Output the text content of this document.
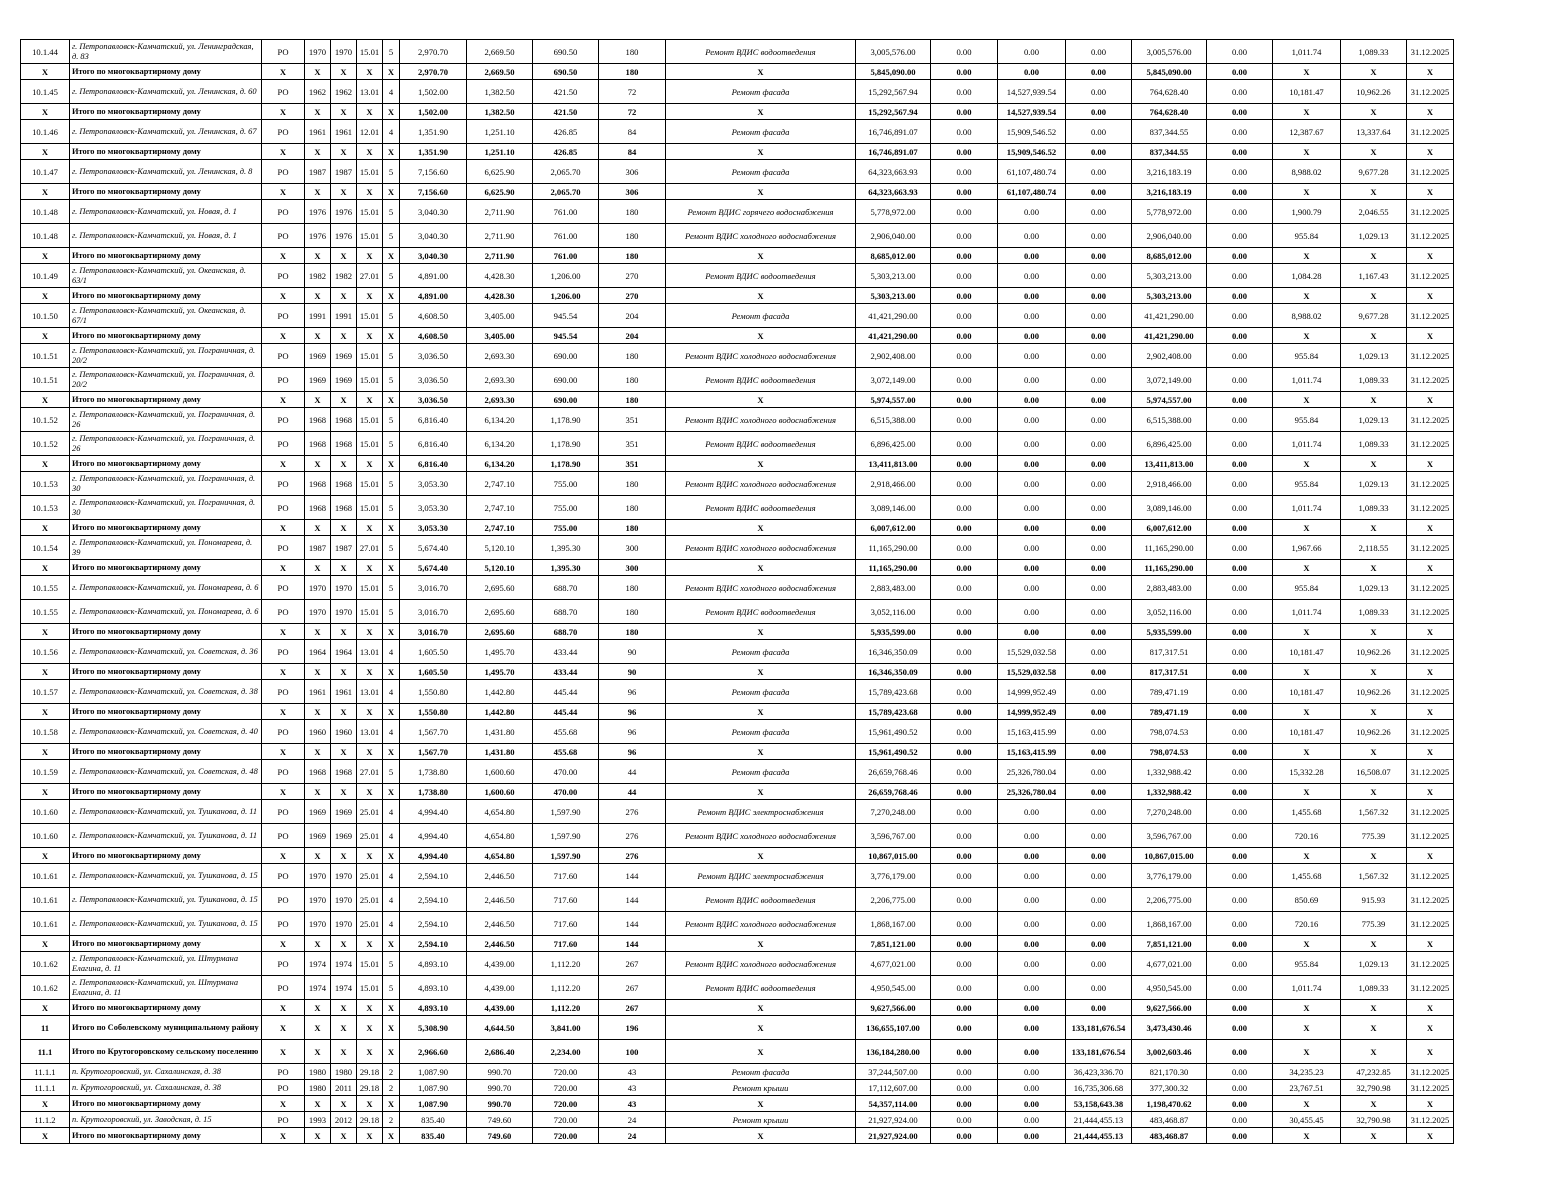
10.1.44	г. Петропавловск-Камчатский, ул. Ленинградская, д. 83	РО	1970	1970	15.01	5	2,970.70	2,669.50	690.50	180	Ремонт ВДИС водоотведения	3,005,576.00	0.00	0.00	0.00	3,005,576.00	0.00	1,011.74	1,089.33	31.12.2025
X	Итого по многоквартирному дому	X	X	X	X	X	2,970.70	2,669.50	690.50	180	X	5,845,090.00	0.00	0.00	0.00	5,845,090.00	0.00	X	X	X
10.1.45	г. Петропавловск-Камчатский, ул. Ленинская, д. 60	РО	1962	1962	13.01	4	1,502.00	1,382.50	421.50	72	Ремонт фасада	15,292,567.94	0.00	14,527,939.54	0.00	764,628.40	0.00	10,181.47	10,962.26	31.12.2025
X	Итого по многоквартирному дому	X	X	X	X	X	1,502.00	1,382.50	421.50	72	X	15,292,567.94	0.00	14,527,939.54	0.00	764,628.40	0.00	X	X	X
10.1.46	г. Петропавловск-Камчатский, ул. Ленинская, д. 67	РО	1961	1961	12.01	4	1,351.90	1,251.10	426.85	84	Ремонт фасада	16,746,891.07	0.00	15,909,546.52	0.00	837,344.55	0.00	12,387.67	13,337.64	31.12.2025
X	Итого по многоквартирному дому	X	X	X	X	X	1,351.90	1,251.10	426.85	84	X	16,746,891.07	0.00	15,909,546.52	0.00	837,344.55	0.00	X	X	X
10.1.47	г. Петропавловск-Камчатский, ул. Ленинская, д. 8	РО	1987	1987	15.01	5	7,156.60	6,625.90	2,065.70	306	Ремонт фасада	64,323,663.93	0.00	61,107,480.74	0.00	3,216,183.19	0.00	8,988.02	9,677.28	31.12.2025
X	Итого по многоквартирному дому	X	X	X	X	X	7,156.60	6,625.90	2,065.70	306	X	64,323,663.93	0.00	61,107,480.74	0.00	3,216,183.19	0.00	X	X	X
10.1.48	г. Петропавловск-Камчатский, ул. Новая, д. 1	РО	1976	1976	15.01	5	3,040.30	2,711.90	761.00	180	Ремонт ВДИС горячего водоснабжения	5,778,972.00	0.00	0.00	0.00	5,778,972.00	0.00	1,900.79	2,046.55	31.12.2025
10.1.48	г. Петропавловск-Камчатский, ул. Новая, д. 1	РО	1976	1976	15.01	5	3,040.30	2,711.90	761.00	180	Ремонт ВДИС холодного водоснабжения	2,906,040.00	0.00	0.00	0.00	2,906,040.00	0.00	955.84	1,029.13	31.12.2025
X	Итого по многоквартирному дому	X	X	X	X	X	3,040.30	2,711.90	761.00	180	X	8,685,012.00	0.00	0.00	0.00	8,685,012.00	0.00	X	X	X
10.1.49	г. Петропавловск-Камчатский, ул. Океанская, д. 63/1	РО	1982	1982	27.01	5	4,891.00	4,428.30	1,206.00	270	Ремонт ВДИС водоотведения	5,303,213.00	0.00	0.00	0.00	5,303,213.00	0.00	1,084.28	1,167.43	31.12.2025
X	Итого по многоквартирному дому	X	X	X	X	X	4,891.00	4,428.30	1,206.00	270	X	5,303,213.00	0.00	0.00	0.00	5,303,213.00	0.00	X	X	X
10.1.50	г. Петропавловск-Камчатский, ул. Океанская, д. 67/1	РО	1991	1991	15.01	5	4,608.50	3,405.00	945.54	204	Ремонт фасада	41,421,290.00	0.00	0.00	0.00	41,421,290.00	0.00	8,988.02	9,677.28	31.12.2025
X	Итого по многоквартирному дому	X	X	X	X	X	4,608.50	3,405.00	945.54	204	X	41,421,290.00	0.00	0.00	0.00	41,421,290.00	0.00	X	X	X
10.1.51	г. Петропавловск-Камчатский, ул. Пограничная, д. 20/2	РО	1969	1969	15.01	5	3,036.50	2,693.30	690.00	180	Ремонт ВДИС холодного водоснабжения	2,902,408.00	0.00	0.00	0.00	2,902,408.00	0.00	955.84	1,029.13	31.12.2025
10.1.51	г. Петропавловск-Камчатский, ул. Пограничная, д. 20/2	РО	1969	1969	15.01	5	3,036.50	2,693.30	690.00	180	Ремонт ВДИС водоотведения	3,072,149.00	0.00	0.00	0.00	3,072,149.00	0.00	1,011.74	1,089.33	31.12.2025
X	Итого по многоквартирному дому	X	X	X	X	X	3,036.50	2,693.30	690.00	180	X	5,974,557.00	0.00	0.00	0.00	5,974,557.00	0.00	X	X	X
10.1.52	г. Петропавловск-Камчатский, ул. Пограничная, д. 26	РО	1968	1968	15.01	5	6,816.40	6,134.20	1,178.90	351	Ремонт ВДИС холодного водоснабжения	6,515,388.00	0.00	0.00	0.00	6,515,388.00	0.00	955.84	1,029.13	31.12.2025
10.1.52	г. Петропавловск-Камчатский, ул. Пограничная, д. 26	РО	1968	1968	15.01	5	6,816.40	6,134.20	1,178.90	351	Ремонт ВДИС водоотведения	6,896,425.00	0.00	0.00	0.00	6,896,425.00	0.00	1,011.74	1,089.33	31.12.2025
X	Итого по многоквартирному дому	X	X	X	X	X	6,816.40	6,134.20	1,178.90	351	X	13,411,813.00	0.00	0.00	0.00	13,411,813.00	0.00	X	X	X
10.1.53	г. Петропавловск-Камчатский, ул. Пограничная, д. 30	РО	1968	1968	15.01	5	3,053.30	2,747.10	755.00	180	Ремонт ВДИС холодного водоснабжения	2,918,466.00	0.00	0.00	0.00	2,918,466.00	0.00	955.84	1,029.13	31.12.2025
10.1.53	г. Петропавловск-Камчатский, ул. Пограничная, д. 30	РО	1968	1968	15.01	5	3,053.30	2,747.10	755.00	180	Ремонт ВДИС водоотведения	3,089,146.00	0.00	0.00	0.00	3,089,146.00	0.00	1,011.74	1,089.33	31.12.2025
X	Итого по многоквартирному дому	X	X	X	X	X	3,053.30	2,747.10	755.00	180	X	6,007,612.00	0.00	0.00	0.00	6,007,612.00	0.00	X	X	X
10.1.54	г. Петропавловск-Камчатский, ул. Пономарева, д. 39	РО	1987	1987	27.01	5	5,674.40	5,120.10	1,395.30	300	Ремонт ВДИС холодного водоснабжения	11,165,290.00	0.00	0.00	0.00	11,165,290.00	0.00	1,967.66	2,118.55	31.12.2025
X	Итого по многоквартирному дому	X	X	X	X	X	5,674.40	5,120.10	1,395.30	300	X	11,165,290.00	0.00	0.00	0.00	11,165,290.00	0.00	X	X	X
10.1.55	г. Петропавловск-Камчатский, ул. Пономарева, д. 6	РО	1970	1970	15.01	5	3,016.70	2,695.60	688.70	180	Ремонт ВДИС холодного водоснабжения	2,883,483.00	0.00	0.00	0.00	2,883,483.00	0.00	955.84	1,029.13	31.12.2025
10.1.55	г. Петропавловск-Камчатский, ул. Пономарева, д. 6	РО	1970	1970	15.01	5	3,016.70	2,695.60	688.70	180	Ремонт ВДИС водоотведения	3,052,116.00	0.00	0.00	0.00	3,052,116.00	0.00	1,011.74	1,089.33	31.12.2025
X	Итого по многоквартирному дому	X	X	X	X	X	3,016.70	2,695.60	688.70	180	X	5,935,599.00	0.00	0.00	0.00	5,935,599.00	0.00	X	X	X
10.1.56	г. Петропавловск-Камчатский, ул. Советская, д. 36	РО	1964	1964	13.01	4	1,605.50	1,495.70	433.44	90	Ремонт фасада	16,346,350.09	0.00	15,529,032.58	0.00	817,317.51	0.00	10,181.47	10,962.26	31.12.2025
X	Итого по многоквартирному дому	X	X	X	X	X	1,605.50	1,495.70	433.44	90	X	16,346,350.09	0.00	15,529,032.58	0.00	817,317.51	0.00	X	X	X
10.1.57	г. Петропавловск-Камчатский, ул. Советская, д. 38	РО	1961	1961	13.01	4	1,550.80	1,442.80	445.44	96	Ремонт фасада	15,789,423.68	0.00	14,999,952.49	0.00	789,471.19	0.00	10,181.47	10,962.26	31.12.2025
X	Итого по многоквартирному дому	X	X	X	X	X	1,550.80	1,442.80	445.44	96	X	15,789,423.68	0.00	14,999,952.49	0.00	789,471.19	0.00	X	X	X
10.1.58	г. Петропавловск-Камчатский, ул. Советская, д. 40	РО	1960	1960	13.01	4	1,567.70	1,431.80	455.68	96	Ремонт фасада	15,961,490.52	0.00	15,163,415.99	0.00	798,074.53	0.00	10,181.47	10,962.26	31.12.2025
X	Итого по многоквартирному дому	X	X	X	X	X	1,567.70	1,431.80	455.68	96	X	15,961,490.52	0.00	15,163,415.99	0.00	798,074.53	0.00	X	X	X
10.1.59	г. Петропавловск-Камчатский, ул. Советская, д. 48	РО	1968	1968	27.01	5	1,738.80	1,600.60	470.00	44	Ремонт фасада	26,659,768.46	0.00	25,326,780.04	0.00	1,332,988.42	0.00	15,332.28	16,508.07	31.12.2025
X	Итого по многоквартирному дому	X	X	X	X	X	1,738.80	1,600.60	470.00	44	X	26,659,768.46	0.00	25,326,780.04	0.00	1,332,988.42	0.00	X	X	X
10.1.60	г. Петропавловск-Камчатский, ул. Тушканова, д. 11	РО	1969	1969	25.01	4	4,994.40	4,654.80	1,597.90	276	Ремонт ВДИС электроснабжения	7,270,248.00	0.00	0.00	0.00	7,270,248.00	0.00	1,455.68	1,567.32	31.12.2025
10.1.60	г. Петропавловск-Камчатский, ул. Тушканова, д. 11	РО	1969	1969	25.01	4	4,994.40	4,654.80	1,597.90	276	Ремонт ВДИС холодного водоснабжения	3,596,767.00	0.00	0.00	0.00	3,596,767.00	0.00	720.16	775.39	31.12.2025
X	Итого по многоквартирному дому	X	X	X	X	X	4,994.40	4,654.80	1,597.90	276	X	10,867,015.00	0.00	0.00	0.00	10,867,015.00	0.00	X	X	X
10.1.61	г. Петропавловск-Камчатский, ул. Тушканова, д. 15	РО	1970	1970	25.01	4	2,594.10	2,446.50	717.60	144	Ремонт ВДИС электроснабжения	3,776,179.00	0.00	0.00	0.00	3,776,179.00	0.00	1,455.68	1,567.32	31.12.2025
10.1.61	г. Петропавловск-Камчатский, ул. Тушканова, д. 15	РО	1970	1970	25.01	4	2,594.10	2,446.50	717.60	144	Ремонт ВДИС водоотведения	2,206,775.00	0.00	0.00	0.00	2,206,775.00	0.00	850.69	915.93	31.12.2025
10.1.61	г. Петропавловск-Камчатский, ул. Тушканова, д. 15	РО	1970	1970	25.01	4	2,594.10	2,446.50	717.60	144	Ремонт ВДИС холодного водоснабжения	1,868,167.00	0.00	0.00	0.00	1,868,167.00	0.00	720.16	775.39	31.12.2025
X	Итого по многоквартирному дому	X	X	X	X	X	2,594.10	2,446.50	717.60	144	X	7,851,121.00	0.00	0.00	0.00	7,851,121.00	0.00	X	X	X
10.1.62	г. Петропавловск-Камчатский, ул. Штурмана Елагина, д. 11	РО	1974	1974	15.01	5	4,893.10	4,439.00	1,112.20	267	Ремонт ВДИС холодного водоснабжения	4,677,021.00	0.00	0.00	0.00	4,677,021.00	0.00	955.84	1,029.13	31.12.2025
10.1.62	г. Петропавловск-Камчатский, ул. Штурмана Елагина, д. 11	РО	1974	1974	15.01	5	4,893.10	4,439.00	1,112.20	267	Ремонт ВДИС водоотведения	4,950,545.00	0.00	0.00	0.00	4,950,545.00	0.00	1,011.74	1,089.33	31.12.2025
X	Итого по многоквартирному дому	X	X	X	X	X	4,893.10	4,439.00	1,112.20	267	X	9,627,566.00	0.00	0.00	0.00	9,627,566.00	0.00	X	X	X
11	Итого по Соболевскому муниципальному району	X	X	X	X	X	5,308.90	4,644.50	3,841.00	196	X	136,655,107.00	0.00	0.00	133,181,676.54	3,473,430.46	0.00	X	X	X
11.1	Итого по Крутогоровскому сельскому поселению	X	X	X	X	X	2,966.60	2,686.40	2,234.00	100	X	136,184,280.00	0.00	0.00	133,181,676.54	3,002,603.46	0.00	X	X	X
11.1.1	п. Крутогоровский, ул. Сахалинская, д. 38	РО	1980	1980	29.18	2	1,087.90	990.70	720.00	43	Ремонт фасада	37,244,507.00	0.00	0.00	36,423,336.70	821,170.30	0.00	34,235.23	47,232.85	31.12.2025
11.1.1	п. Крутогоровский, ул. Сахалинская, д. 38	РО	1980	2011	29.18	2	1,087.90	990.70	720.00	43	Ремонт крыши	17,112,607.00	0.00	0.00	16,735,306.68	377,300.32	0.00	23,767.51	32,790.98	31.12.2025
X	Итого по многоквартирному дому	X	X	X	X	X	1,087.90	990.70	720.00	43	X	54,357,114.00	0.00	0.00	53,158,643.38	1,198,470.62	0.00	X	X	X
11.1.2	п. Крутогоровский, ул. Заводская, д. 15	РО	1993	2012	29.18	2	835.40	749.60	720.00	24	Ремонт крыши	21,927,924.00	0.00	0.00	21,444,455.13	483,468.87	0.00	30,455.45	32,790.98	31.12.2025
X	Итого по многоквартирному дому	X	X	X	X	X	835.40	749.60	720.00	24	X	21,927,924.00	0.00	0.00	21,444,455.13	483,468.87	0.00	X	X	X
